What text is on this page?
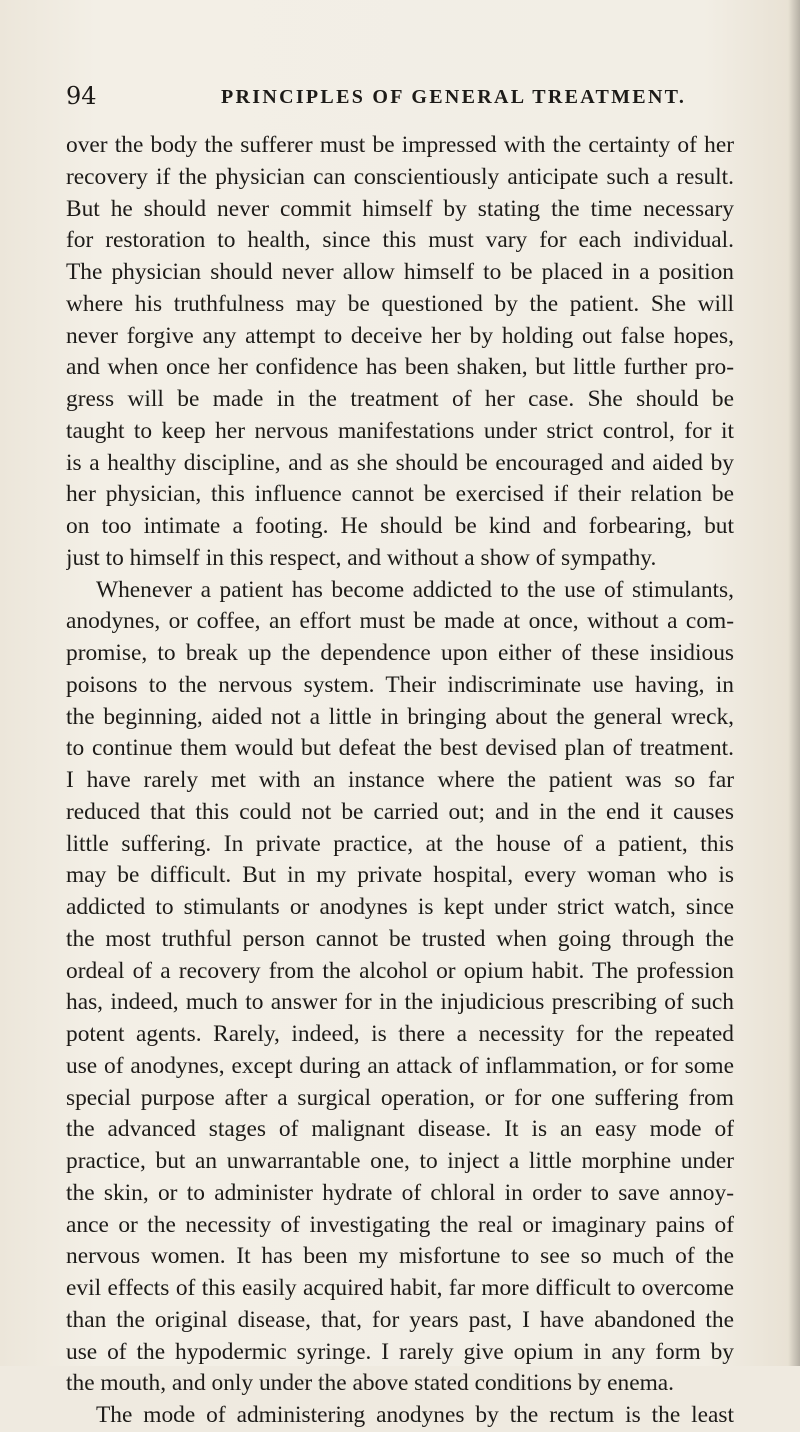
94	PRINCIPLES OF GENERAL TREATMENT.
over the body the sufferer must be impressed with the certainty of her
recovery if the physician can conscientiously anticipate such a result.
But he should never commit himself by stating the time necessary
for restoration to health, since this must vary for each individual.
The physician should never allow himself to be placed in a position
where his truthfulness may be questioned by the patient. She will
never forgive any attempt to deceive her by holding out false hopes,
and when once her confidence has been shaken, but little further pro-
gress will be made in the treatment of her case. She should be
taught to keep her nervous manifestations under strict control, for it
is a healthy discipline, and as she should be encouraged and aided by
her physician, this influence cannot be exercised if their relation be
on too intimate a footing. He should be kind and forbearing, but
just to himself in this respect, and without a show of sympathy.
Whenever a patient has become addicted to the use of stimulants,
anodynes, or coffee, an effort must be made at once, without a com-
promise, to break up the dependence upon either of these insidious
poisons to the nervous system. Their indiscriminate use having, in
the beginning, aided not a little in bringing about the general wreck,
to continue them would but defeat the best devised plan of treatment.
I have rarely met with an instance where the patient was so far
reduced that this could not be carried out; and in the end it causes
little suffering. In private practice, at the house of a patient, this
may be difficult. But in my private hospital, every woman who is
addicted to stimulants or anodynes is kept under strict watch, since
the most truthful person cannot be trusted when going through the
ordeal of a recovery from the alcohol or opium habit. The profession
has, indeed, much to answer for in the injudicious prescribing of such
potent agents. Rarely, indeed, is there a necessity for the repeated
use of anodynes, except during an attack of inflammation, or for some
special purpose after a surgical operation, or for one suffering from
the advanced stages of malignant disease. It is an easy mode of
practice, but an unwarrantable one, to inject a little morphine under
the skin, or to administer hydrate of chloral in order to save annoy-
ance or the necessity of investigating the real or imaginary pains of
nervous women. It has been my misfortune to see so much of the
evil effects of this easily acquired habit, far more difficult to overcome
than the original disease, that, for years past, I have abandoned the
use of the hypodermic syringe. I rarely give opium in any form by
the mouth, and only under the above stated conditions by enema.
The mode of administering anodynes by the rectum is the least
